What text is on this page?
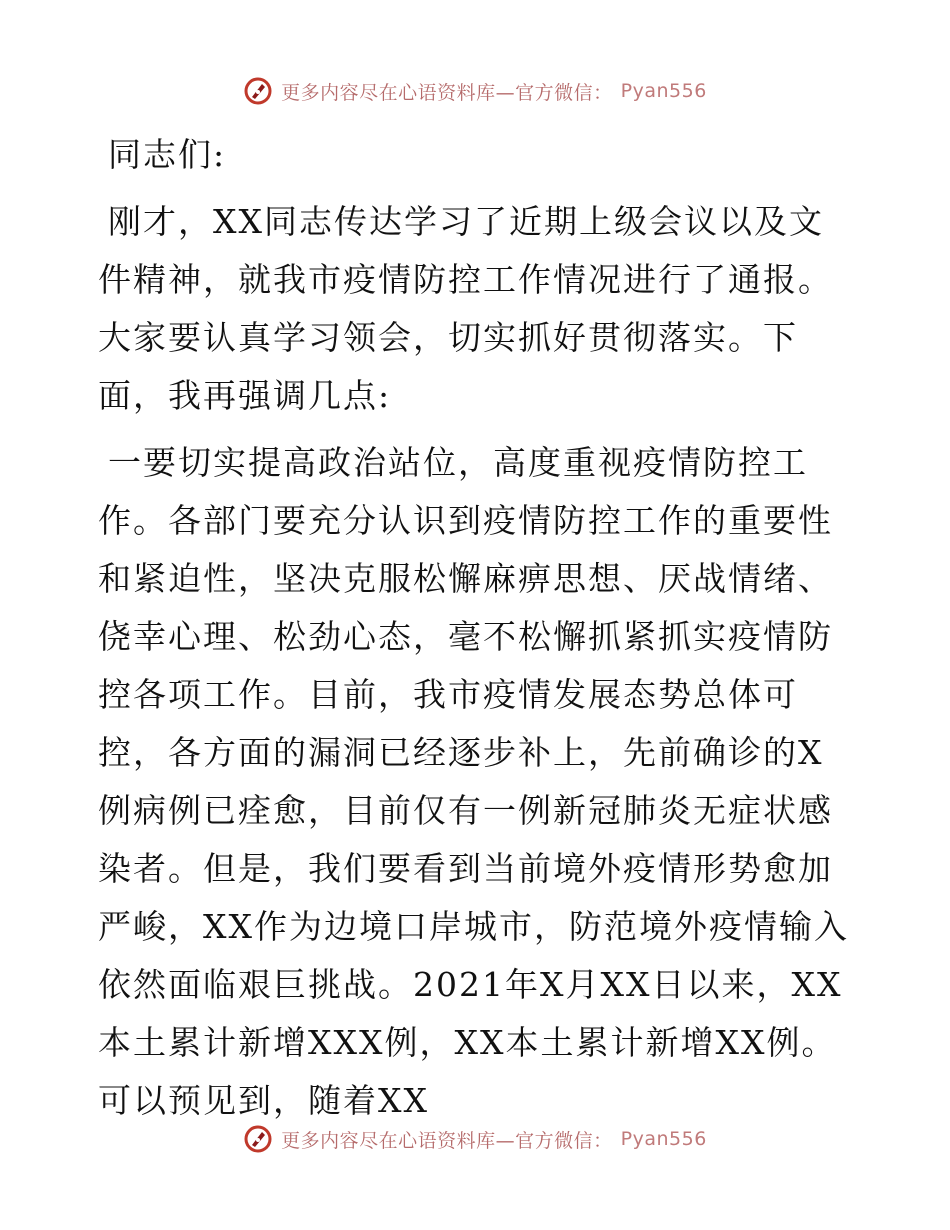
更多内容尽在心语资料库—官方微信： Pyan556

同志们:

刚才，XX同志传达学习了近期上级会议以及文件精神，就我市疫情防控工作情况进行了通报。大家要认真学习领会，切实抓好贯彻落实。下面，我再强调几点:

一要切实提高政治站位，高度重视疫情防控工作。各部门要充分认识到疫情防控工作的重要性和紧迫性，坚决克服松懈麻痹思想、厌战情绪、侥幸心理、松劲心态，毫不松懈抓紧抓实疫情防控各项工作。目前，我市疫情发展态势总体可控，各方面的漏洞已经逐步补上，先前确诊的X例病例已痊愈，目前仅有一例新冠肺炎无症状感染者。但是，我们要看到当前境外疫情形势愈加严峻，XX作为边境口岸城市，防范境外疫情输入依然面临艰巨挑战。2021年X月XX日以来，XX本土累计新增XXX例，XX本土累计新增XX例。可以预见到，随着XX

更多内容尽在心语资料库—官方微信： Pyan556
